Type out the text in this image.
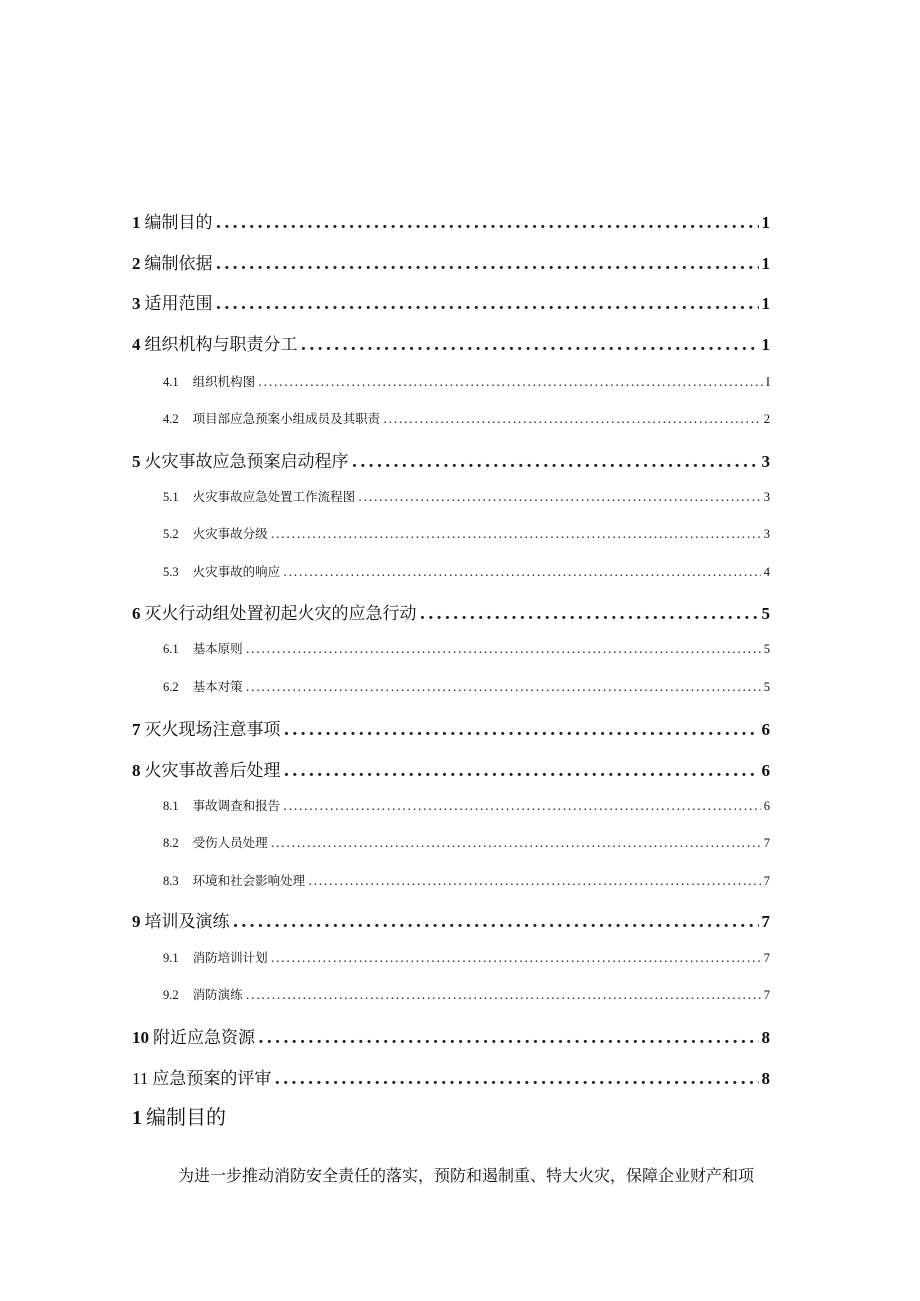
1 编制目的 .....	1
2 编制依据 .....	1
3 适用范围 .....	1
4 组织机构与职责分工 .....	1
4.1 组织机构图 .....	I
4.2 项目部应急预案小组成员及其职责 .....	2
5 火灾事故应急预案启动程序 .....	3
5.1 火灾事故应急处置工作流程图 .....	3
5.2 火灾事故分级 .....	3
5.3 火灾事故的响应 .....	4
6 灭火行动组处置初起火灾的应急行动 .....	5
6.1 基本原则 .....	5
6.2 基本对策 .....	5
7 灭火现场注意事项 .....	6
8 火灾事故善后处理 .....	6
8.1 事故调查和报告 .....	6
8.2 受伤人员处理 .....	7
8.3 环境和社会影响处理 .....	7
9 培训及演练 .....	7
9.1 消防培训计划 .....	7
9.2 消防演练 .....	7
10 附近应急资源 .....	8
11 应急预案的评审 .....	8
1 编制目的
为进一步推动消防安全责任的落实，预防和遏制重、特大火灾，保障企业财产和项
